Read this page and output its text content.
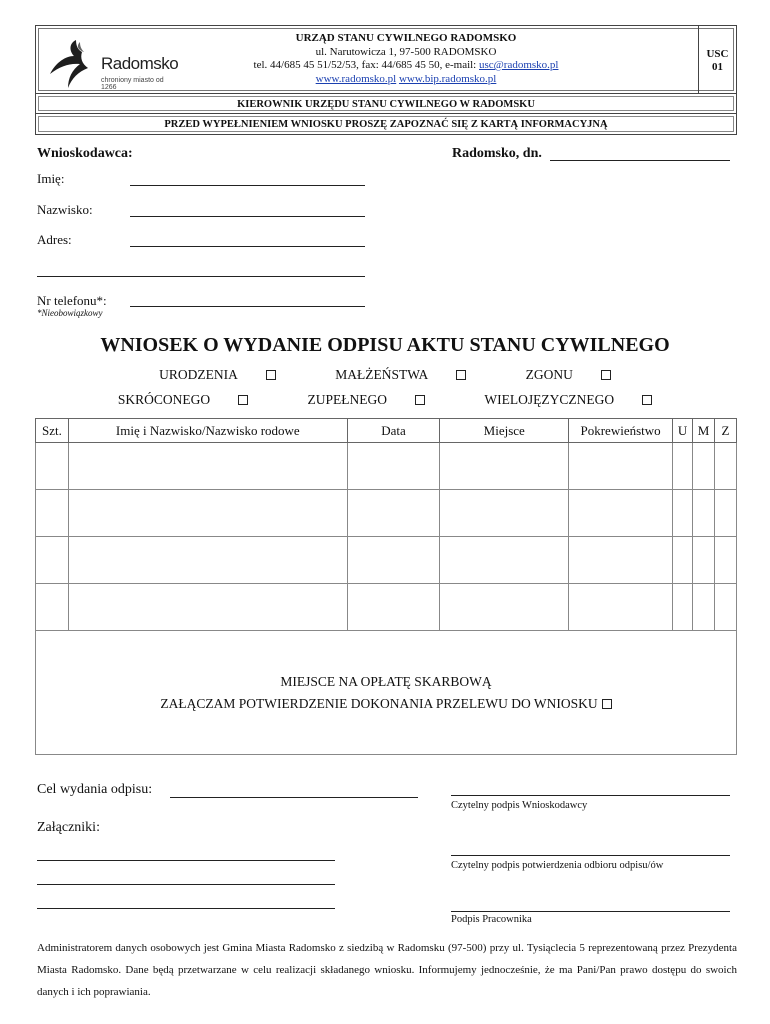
Radomsko
chroniony miasto od 1266
URZĄD STANU CYWILNEGO RADOMSKO
ul. Narutowicza 1, 97-500 RADOMSKO
tel. 44/685 45 51/52/53, fax: 44/685 45 50, e-mail: usc@radomsko.pl
www.radomsko.pl www.bip.radomsko.pl
USC
01
KIEROWNIK URZĘDU STANU CYWILNEGO W RADOMSKU
PRZED WYPEŁNIENIEM WNIOSKU PROSZĘ ZAPOZNAĆ SIĘ Z KARTĄ INFORMACYJNĄ
Wnioskodawca:	Radomsko, dn.
Imię:
Nazwisko:
Adres:
Nr telefonu*:
*Nieobowiązkowy
WNIOSEK O WYDANIE ODPISU AKTU STANU CYWILNEGO
URODZENIA	MAŁŻEŃSTWA	ZGONU
SKRÓCONEGO	ZUPEŁNEGO	WIELOJĘZYCZNEGO
Szt.	Imię i Nazwisko/Nazwisko rodowe	Data	Miejsce	Pokrewieństwo	U	M	Z

MIEJSCE NA OPŁATĘ SKARBOWĄ
ZAŁĄCZAM POTWIERDZENIE DOKONANIA PRZELEWU DO WNIOSKU
Cel wydania odpisu:
Czytelny podpis Wnioskodawcy
Załączniki:
Czytelny podpis potwierdzenia odbioru odpisu/ów
Podpis Pracownika
Administratorem danych osobowych jest Gmina Miasta Radomsko z siedzibą w Radomsku (97-500) przy ul. Tysiąclecia 5 reprezentowaną przez Prezydenta Miasta Radomsko. Dane będą przetwarzane w celu realizacji składanego wniosku. Informujemy jednocześnie, że ma Pani/Pan prawo dostępu do swoich danych i ich poprawiania.
